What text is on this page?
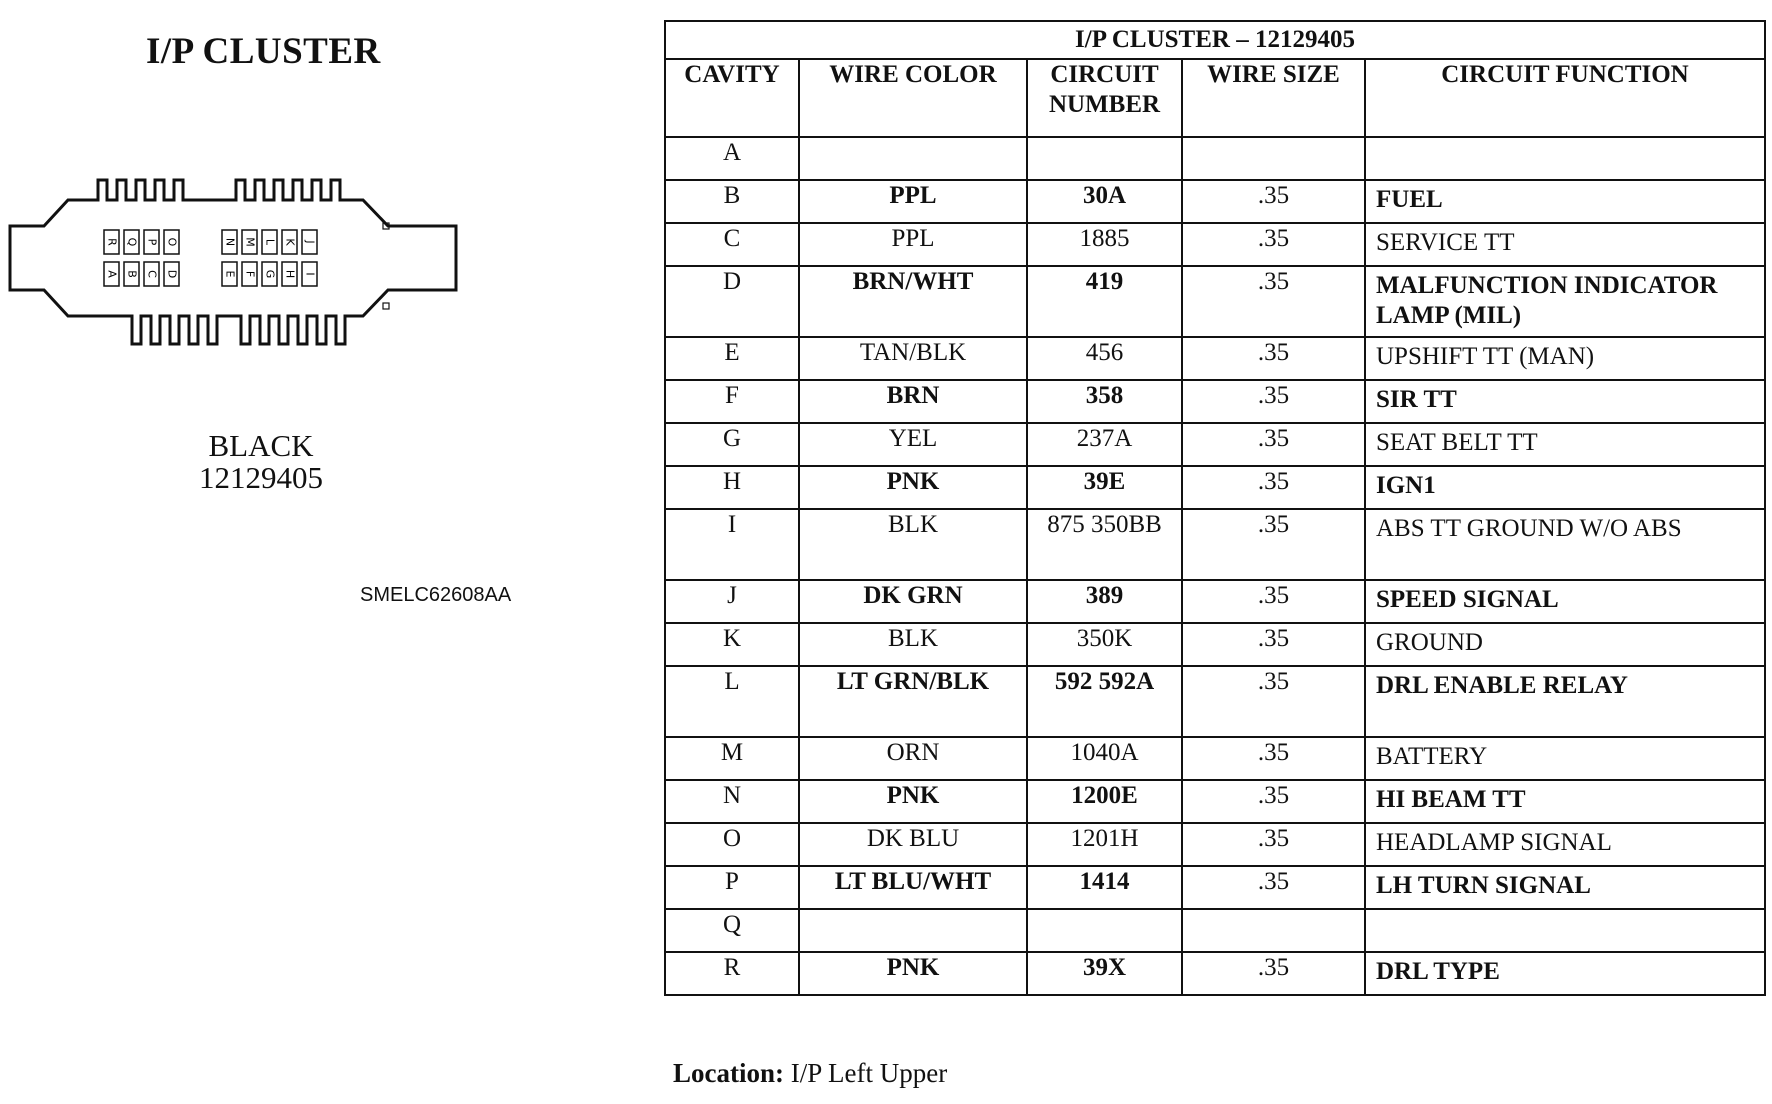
I/P CLUSTER
R Q P O	N M L K J
A B C D	E F G H I
BLACK
12129405
SMELC62608AA
I/P CLUSTER – 12129405				
CAVITY	WIRE COLOR	CIRCUIT NUMBER	WIRE SIZE	CIRCUIT FUNCTION
A				
B	PPL	30A	.35	FUEL
C	PPL	1885	.35	SERVICE TT
D	BRN/WHT	419	.35	MALFUNCTION INDICATOR LAMP (MIL)
E	TAN/BLK	456	.35	UPSHIFT TT (MAN)
F	BRN	358	.35	SIR TT
G	YEL	237A	.35	SEAT BELT TT
H	PNK	39E	.35	IGN1
I	BLK	875 350BB	.35	ABS TT GROUND W/O ABS
J	DK GRN	389	.35	SPEED SIGNAL
K	BLK	350K	.35	GROUND
L	LT GRN/BLK	592 592A	.35	DRL ENABLE RELAY
M	ORN	1040A	.35	BATTERY
N	PNK	1200E	.35	HI BEAM TT
O	DK BLU	1201H	.35	HEADLAMP SIGNAL
P	LT BLU/WHT	1414	.35	LH TURN SIGNAL
Q				
R	PNK	39X	.35	DRL TYPE
Location: I/P Left Upper
